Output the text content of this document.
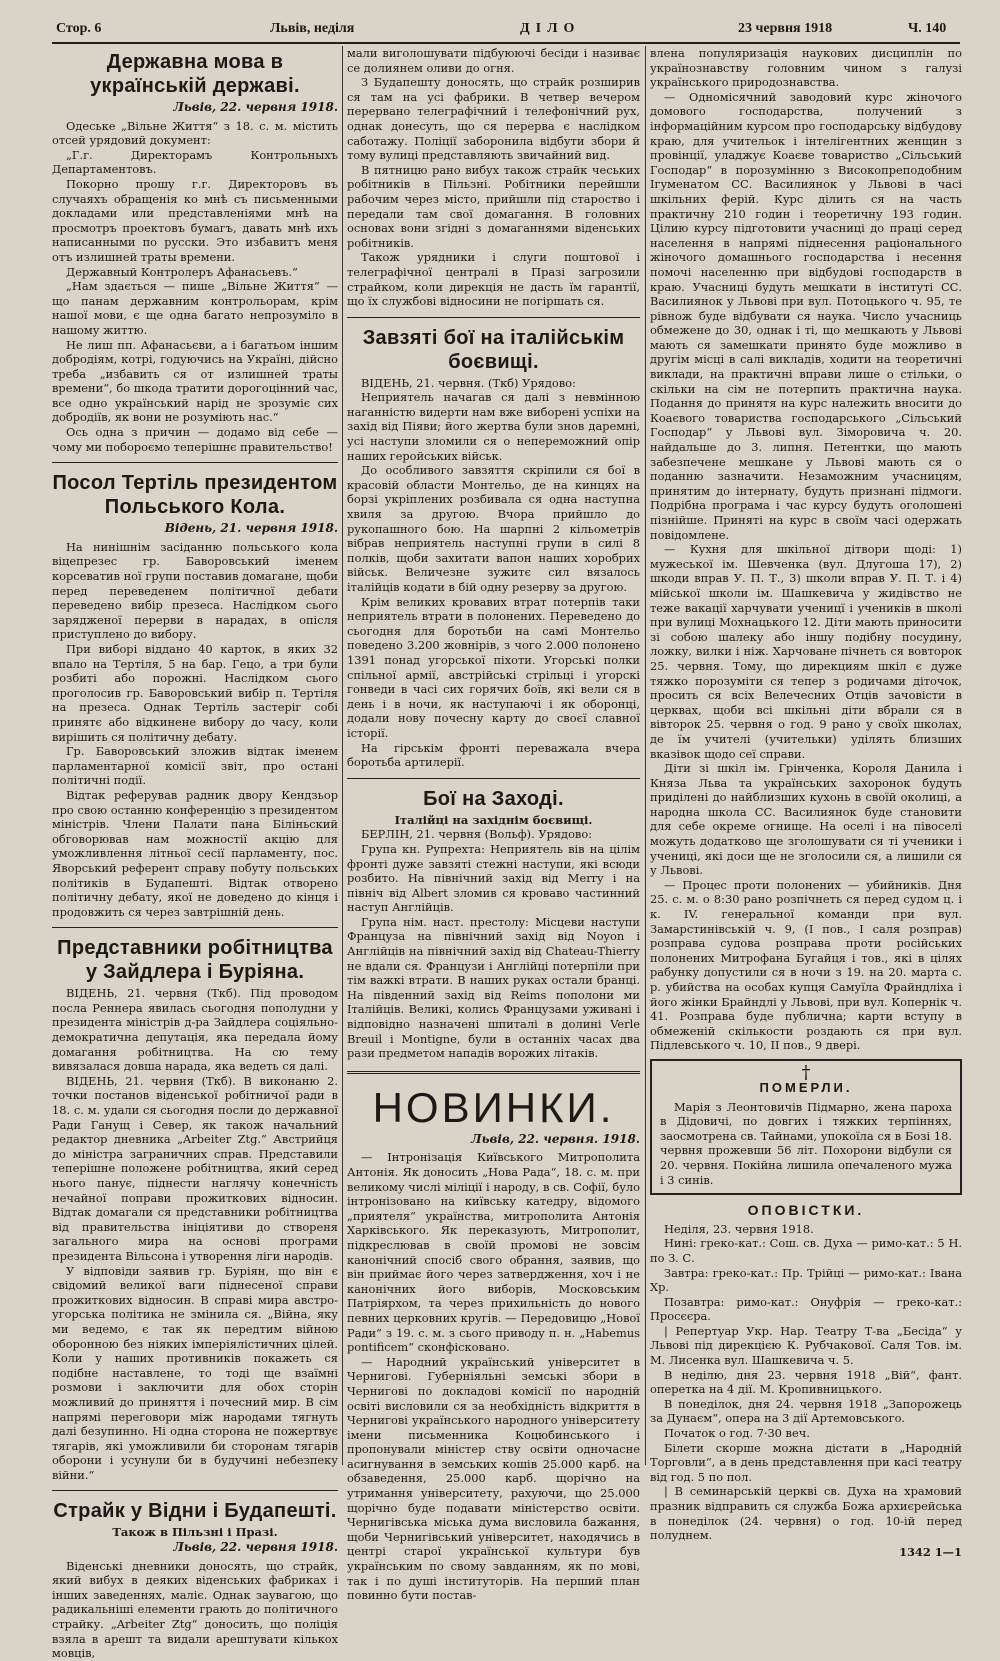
Стор. 6	Львів, неділя	ДІЛО	23 червня 1918	Ч. 140
Державна мова в українській державі.
Львів, 22. червня 1918.

Одеське „Вільне Життя“ з 18. с. м. містить отсей урядовий документ:

„Г.г. Директорамъ Контрольныхъ Департаментовъ.

Покорно прошу г.г. Директоровъ въ случаяхъ обращенія ко мнѣ съ письменными докладами или представленіями мнѣ на просмотръ проектовъ бумагъ, давать мнѣ ихъ написанными по русски. Это избавитъ меня отъ излишней траты времени.

Державный Контролеръ Афанасьевъ.“

„Нам здається — пише „Вільне Життя“ — що панам державним контрольорам, крім нашої мови, є ще одна багато непрозуміло в нашому життю.

Не лиш пп. Афанасьєви, а і багатьом іншим добродіям, котрі, годуючись на Україні, дійсно треба „избавить ся от излишней траты времени“, бо шкода тратити дорогоцінний час, все одно український нарід не зрозуміє сих добродіїв, як вони не розуміють нас.“

Ось одна з причин — додамо від себе — чому ми побороємо теперішнє правительство!

Посол Тертіль президентом Польського Кола.
Відень, 21. червня 1918.

На нинішнім засіданню польського кола віцепрезес гр. Баворовський іменем корсеватив ної групи поставив домагане, щоби перед переведенем політичної дебати переведено вибір презеса. Наслідком сього зарядженої перерви в нарадах, в опісля приступлено до вибору.

При виборі віддано 40 карток, в яких 32 впало на Тертіля, 5 на бар. Гецо, а три були розбиті або порожні. Наслідком сього проголосив гр. Баворовський вибір п. Тертіля на презеса. Однак Тертіль застеріг собі принятє або відкинене вибору до часу, коли вирішить ся політичну дебату.

Гр. Баворовський зложив відтак іменем парламентарної комісії звіт, про остані політичні події.

Відтак реферував радник двору Кендзьор про свою останню конференцію з президентом міністрів. Члени Палати пана Біліньский обговорював нам можностії акцію для уможливлення літньої сесії парламенту, пос. Яворський референт справу побуту польських політиків в Будапешті. Відтак отворено політичну дебату, якої не доведено до кінця і продовжить ся через завтрішній день.

Представники робітництва у Зайдлера і Буріяна.

ВІДЕНЬ, 21. червня (Ткб). Під проводом посла Реннера явилась сьогодня пополудни у президента міністрів д-ра Зайдлера соціяльно-демократична депутація, яка передала йому домагання робітництва. На сю тему вивязалася довша нарада, яка ведеть ся далі.

ВІДЕНЬ, 21. червня (Ткб). В виконаню 2. точки постанов віденської робітничої ради в 18. с. м. удали ся сьогодня посли до державної Ради Ганущ і Север, як також начальний редактор дневника „Arbeiter Ztg.“ Австрийця до міністра заграничних справ. Представили теперішне положене робітництва, який серед нього панує, піднести наглячу конечність нечайної поправи прожиткових відносин. Відтак домагали ся представники робітництва від правительства ініціятиви до створеня загального мира на основі програми президента Вільсона і утворення ліги народів.

У відповіди заявив гр. Буріян, що він є свідомий великої ваги піднесеної справи прожиткових відносин. В справі мира австро-угорська політика не змінила ся. „Війна, яку ми ведемо, є так як передтим війною оборонною без ніяких імперіялістичних цілей. Коли у наших противників покажеть ся подібне наставлене, то тоді ще взаїмні розмови і заключити для обох сторін можливий до приняття і почесний мир. В сім напрямі переговори між народами тягнуть далі безупинно. Ні одна сторона не пожертвує тягарів, які уможливили би сторонам тягарів оборони і усунули би в будучині небезпеку війни.“

Страйк у Відни і Будапешті.
Також в Пільзні і Празі.
Львів, 22. червня 1918.

Віденські дневники доносять, що страйк, який вибух в деяких віденських фабриках і інших заведеннях, маліє. Однак заувагою, що радикальніші елементи грають до політичного страйку. „Arbeiter Ztg“ доносить, що поліція взяла в арешт та видали арештувати кількох мовців,

мали виголошувати підбуюючі бесіди і називає се долиянем оливи до огня.

З Будапешту доносять, що страйк розширив ся там на усі фабрики. В четвер вечером перервано телеграфічний і телефонічний рух, однак донесуть, що ся перерва є наслідком саботажу. Поліції заборонила відбути збори й тому вулиці представляють звичайний вид.

В пятницю рано вибух також страйк чеських робітників в Пільзні. Робітники перейшли рабочим через місто, прийшли під староство і передали там свої домагання. В головних основах вони згідні з домаганнями віденських робітників.

Також урядники і слуги поштової і телеграфічної централі в Празі загрозили страйком, коли дирекція не дасть їм гарантії, що їх службові відносини не погіршать ся.

Завзяті бої на італійськім боєвищі.

ВІДЕНЬ, 21. червня. (Ткб) Урядово:

Неприятель начагав ся далі з невмінною наганністю видерти нам вже виборені успіхи на захід від Піяви; його жертва були знов даремні, усі наступи зломили ся о непереможний опір наших геройських військ.

До особливого завзяття скріпили ся бої в красовій области Монтельо, де на кинцях на борзі укріплених розбивала ся одна наступна хвиля за другою. Вчора прийшло до рукопашного бою. На шарпні 2 кільометрів вібрав неприятель наступні групи в силі 8 полків, щоби захитати вапон наших хоробрих військ. Величезне зужитє сил вязалось італійців кодати в бій одну резерву за другою.

Крім великих кровавих втрат потерпів таки неприятель втрати в полонених. Переведено до сьогодня для боротьби на самі Монтельо поведено 3.200 жовнірів, з чого 2.000 полонено 1391 понад угорської піхоти. Угорські полки спільної армії, австрійські стрільці і угорскі гонведи в часі сих горячих боїв, які вели ся в день і в ночи, як наступаючі і як оборонці, додали нову почесну карту до своєї славної історії.

На гірськім фронті переважала вчера боротьба артилерії.

Бої на Заході.
Італійці на західнім боєвищі.

БЕРЛІН, 21. червня (Вольф). Урядово:

Група кн. Рупрехта: Неприятель вів на цілім фронті дуже завзяті стежні наступи, які всюди розбито. На північний захід від Merry і на північ від Albert зломив ся кроваво частинний наступ Англійців.

Група нім. наст. престолу: Місцеви наступи Француза на північний захід від Noyon і Англійців на північний захід від Chateau-Thierry не вдали ся. Французи і Англійці потерпіли при тім важкі втрати. В наших руках остали бранці. На південний захід від Reims пополони ми Італійців. Великі, колись Французами уживані і відповідно назначені шпиталі в долині Verle Breuil і Montigne, були в останніх часах два рази предметом нападів ворожих літаків.

НОВИНКИ.
Львів, 22. червня. 1918.

— Інтронізація Київського Митрополита Антонія. Як доносить „Нова Рада“, 18. с. м. при великому числі міліції і народу, в св. Софії, було інтронізовано на київську катедру, відомого „приятеля“ українства, митрополита Антонія Харківського. Як переказують, Митрополит, підкреслював в своїй промові не зовсім канонічний спосіб свого обрання, заявив, що він приймає його через затвердження, хоч і не канонічних його виборів, Московським Патріярхом, та через прихильність до нового певних церковних кругів. — Передовицю „Нової Ради“ з 19. с. м. з сього приводу п. н. „Habemus pontificem“ сконфісковано.

— Народний український університет в Чернигові. Губерніяльні земські збори в Чернигові по докладові комісії по народній освіті висловили ся за необхідність відкриття в Чернигові українського народного університету імени письменника Коцюбинського і пропонували міністер ству освіти одночасне асигнування в земських кошів 25.000 карб. на обзаведення, 25.000 карб. щорічно на утримання університету, рахуючи, що 25.000 щорічно буде подавати міністерство освіти. Чернигівська міська дума висловила бажання, щоби Чернигівський університет, находячись в центрі старої української культури був українським по свому завданням, як по мові, так і по душі інституторів. На перший план повинно бути постав-

влена популяризація наукових дисциплін по українознавству головним чином з галузі українського природознавства.

— Одномісячний заводовий курс жіночого домового господарства, получений з інформаційним курсом про господарську відбудову краю, для учительок і інтелігентних женщин з провінції, уладжує Коаєве товариство „Сільський Господар“ в порозумінню з Високопреподобним Ігуменатом СС. Василиянок у Львові в часі шкільних ферій. Курс ділить ся на часть практичну 210 годин і теоретичну 193 годин. Цілию курсу підготовити учасниці до праці серед населення в напрямі піднесення раціонального жіночого домашнього господарства і несення помочі населенню при відбудові господарств в краю. Учасниці будуть мешкати в інституті СС. Василиянок у Львові при вул. Потоцького ч. 95, те рівнож буде відбувати ся наука. Число учасниць обмежене до 30, однак і ті, що мешкають у Львові мають ся замешкати принято буде можливо в другім місці в салі викладів, ходити на теоретичні виклади, на практичні вправи лише о стільки, о скільки на сім не потерпить практична наука. Подання до принятя на курс належить вносити до Коаєвого товариства господарського „Сільський Господар“ у Львові вул. Зіморовича ч. 20. найдальше до 3. липня. Петентки, що мають забезпечене мешкане у Львові мають ся о поданню зазначити. Незаможним учасницям, принятим до інтернату, будуть признані підмоги. Подрібна програма і час курсу будуть оголошені пізнійше. Приняті на курс в своїм часі одержать повідомлене.

— Кухня для шкільної дітвори щоді: 1) мужеської ім. Шевченка (вул. Длугоша 17), 2) шкоди вправ У. П. Т., 3) школи вправ У. П. Т. і 4) мійської школи ім. Шашкевича у жидівство не теже вакації харчувати ученицї і учеників в школі при вулиці Мохнацького 12. Діти мають приносити зі собою шалеку або іншу подібну посудину, ложку, вилки і ніж. Харчоване пічнеть ся вовторок 25. червня. Тому, що дирекциям шкіл є дуже тяжко порозуміти ся тепер з родичами діточок, просить ся всіх Велечесних Отців зачовісти в церквах, щоби всі шкільні діти вбрали ся в вівторок 25. червня о год. 9 рано у своїх школах, де їм учителі (учительки) уділять близших вказівок щодо сеї справи.

Діти зі шкіл ім. Грінченка, Короля Данила і Княза Льва та українських захоронок будуть приділені до найблизших кухонь в своїй околиці, а народна школа СС. Василиянок буде становити для себе окреме огнище. На оселі і на півоселі можуть додатково ще зголошувати ся ті ученики і учениці, які доси ще не зголосили ся, а лишили ся у Львові.

— Процес проти полонених — убийників. Дня 25. с. м. о 8:30 рано розпічнеть ся перед судом ц. і к. IV. генеральної команди при вул. Замарстинівській ч. 9, (I пов., I саля розправ) розправа судова розправа проти російських полонених Митрофана Бугайця і тов., які в цілях рабунку допустили ся в ночи з 19. на 20. марта с. р. убийства на особах купця Самуїла Фрайндліха і його жінки Брайндлі у Львові, при вул. Копернік ч. 41. Розправа буде публична; карти вступу в обмеженій скількости роздають ся при вул. Підлевського ч. 10, II пов., 9 двері.

†
ПОМЕРЛИ.

Марія з Леонтовичів Підмарно, жена пароха в Дідовичі, по довгих і тяжких терпіннях, заосмотрена св. Тайнами, упокоїла ся в Бозі 18. червня прожевши 56 літ. Похорони відбули ся 20. червня. Покійна лишила опечаленого мужа і 3 синів.

ОПОВІСТКИ.

Неділя, 23. червня 1918.

Нині: греко-кат.: Сош. св. Духа — римо-кат.: 5 Н. по З. С.

Завтра: греко-кат.: Пр. Трійці — римо-кат.: Івана Хр.

Позавтра: римо-кат.: Онуфрія — греко-кат.: Просєєра.

| Репертуар Укр. Нар. Театру Т-ва „Бесіда“ у Львові під дирекцією К. Рубчакової. Саля Тов. ім. М. Лисенка вул. Шашкевича ч. 5.

В неділю, дня 23. червня 1918 „Вій“, фант. оперетка на 4 дії. М. Кропивницького.

В понеділок, дня 24. червня 1918 „Запорожець за Дунаєм“, опера на 3 дії Артемовського.

Початок о год. 7·30 веч.

Білети скорше можна дістати в „Народній Торговли“, а в день представлення при касі театру від год. 5 по пол.

| В семинарській церкві св. Духа на храмовий празник відправить ся служба Божа архиєрейська в понеділок (24. червня) о год. 10-ій перед полуднем.

1342 1—1
